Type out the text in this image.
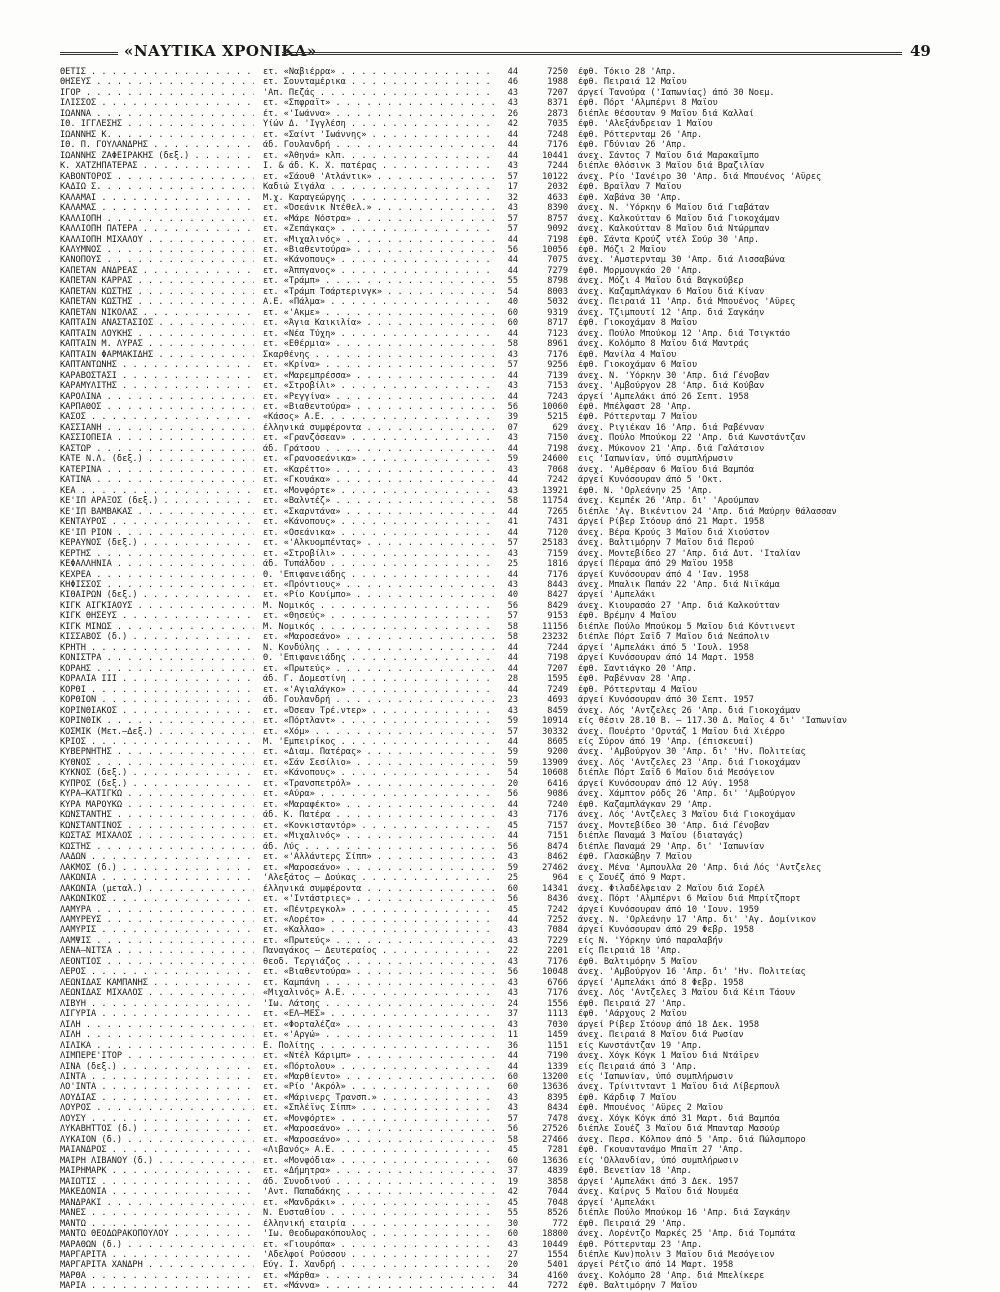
«ΝΑΥΤΙΚΑ ΧΡΟΝΙΚΑ»	49
ΘΕΤΙΣ . . .	ετ. «Ναβιέρρα» . . .	44	7250 έφθ. Τόκιο 28 'Απρ.
ΘΗΣΕΥΣ . . .	ετ. Σουνταμέρικα . . .	46	1988 έφθ. Πειραιά 12 Μαΐου
ΙΓΟΡ . . .	'Απ. Πεζάς . . .	43	7207 άργεί Τανούρα ('Ιαπωνίας) άπό 30 Νοεμ.
ΙΛΙΣΣΟΣ . . .	ετ. «Σπφραϊτ» . . .	43	8371 έφθ. Πόρτ 'Αλμπέρνι 8 Μαΐου
ΙΩΑΝΝΑ . . .	έτ. «'Ιωάννα» . . .	26	2873 διέπλε θέσουταν 9 Μαΐου διά Καλλαί
ΙΘ. ΙΓΓΛΕΣΗΣ . . .	Υίών Δ. 'Ιγγλέση . . .	42	7035 έφθ. 'Αλεξάνδρειαν 1 Μαΐου
ΙΩΑΝΝΗΣ Κ. . . .	ετ. «Σαίντ 'Ιωάννης» . . .	44	7248 έφθ. Ρόττερνταμ 26 'Απρ.
ΙΘ. Π. ΓΟΥΛΑΝΔΡΗΣ . . .	άδ. Γουλανδρή . . .	44	7176 έφθ. Γδύνιαν 26 'Απρ.
ΙΩΑΝΝΗΣ ΖΑΦΕΙΡΑΚΗΣ (δεξ.) . . .	ετ. «Άθηνά» κλπ. . . .	44	10441 άνεχ. Σάντος 7 Μαΐου διά Μαρακαΐμπο
Κ. ΧΑΤΖΗΠΑΤΕΡΑΣ . . .	Ι. & άδ. Κ. Χ. πατέρας . . .	43	7244 διέπλε θλόσινκ 3 Μαΐου διά Βραζιλίαν
ΚΑΒΟΝΤΟΡΟΣ . . .	ετ. «Σάουθ 'Ατλάντικ» . . .	57	10122 άνεχ. Ρίο 'Ιανέιρο 30 'Απρ. διά Μπουένος 'Αϋρες
ΚΑΔΙΩ Σ. . . .	Καδιώ Σιγάλα . . .	17	2032 έφθ. Βραΐλαν 7 Μαΐου
ΚΑΛΑΜΑΙ . . .	Μ.χ. Καραγεώργης . . .	32	4633 έφθ. Χαβάνα 30 'Απρ.
ΚΑΛΑΜΑΣ . . .	ετ. «Όσεάνικ Ντέθελ.» . . .	43	8390 άνεχ. Ν. 'Υόρκην 6 Μαΐου διά Γιαβάταν
ΚΑΛΛΙΟΠΗ . . .	ετ. «Μάρε Νόστρα» . . .	57	8757 άνεχ. Καλκούτταν 6 Μαΐου διά Γιοκοχάμαν
ΚΑΛΛΙΟΠΗ ΠΑΤΕΡΑ . . .	ετ. «Ζεπάγκας» . . .	57	9092 άνεχ. Καλκούτταν 8 Μαΐου διά Ντώρμπαν
ΚΑΛΛΙΟΠΗ ΜΙΧΑΛΟΥ . . .	ετ. «Μιχαλινός» . . .	44	7198 έφθ. Σάντα Κρούζ ντέλ Σούρ 30 'Απρ.
ΚΑΛΥΜΝΟΣ . . .	ετ. «Βιαθεντούρα» . . .	56	10056 έφθ. Μόζι 2 Μαΐου
ΚΑΝΟΠΟΥΣ . . .	ετ. «Κάνοπους» . . .	44	7075 άνεχ. 'Αμστερνταμ 30 'Απρ. διά Λισσαβώνα
ΚΑΠΕΤΑΝ ΑΝΔΡΕΑΣ . . .	ετ. «Άππγανος» . . .	44	7279 έφθ. Μορμουγκάο 20 'Απρ.
ΚΑΠΕΤΑΝ ΚΑΡΡΑΣ . . .	ετ. «Τράμπ» . . .	55	8798 άνεχ. Μόζι 4 Μαΐου διά Βαγκούβερ
ΚΑΠΕΤΑΝ ΚΩΣΤΗΣ . . .	ετ. «Τράμπ Τσάρτερινγκ» . . .	54	8003 άνεχ. Καζαμπλάγκαν 6 Μαΐου διά Κίναν
ΚΑΠΕΤΑΝ ΚΩΣΤΗΣ . . .	Α.Ε. «Πάλμα» . . .	40	5032 άνεχ. Πειραιά 11 'Απρ. διά Μπουένος 'Αϋρες
ΚΑΠΕΤΑΝ ΝΙΚΟΛΑΣ . . .	ετ. «'Ακμε» . . .	60	9319 άνεχ. Τζιμπουτί 12 'Απρ. διά Σαγκάην
ΚΑΠΤΑΙΝ ΑΝΑΣΤΑΣΙΟΣ . . .	ετ. «Άγια Καικιλία» . . .	60	8717 έφθ. Γιοκοχάμαν 8 Μαΐου
ΚΑΠΤΑΙΝ ΛΟΥΚΗΣ . . .	ετ. «Νέα Τύχη» . . .	44	7123 άνεχ. Πούλο Μπούκομ 12 'Απρ. διά Τσιγκτάο
ΚΑΠΤΑΙΝ Μ. ΛΥΡΑΣ . . .	ετ. «Εθέρμια» . . .	58	8961 άνεχ. Κολόμπο 8 Μαΐου διά Μαντράς
ΚΑΠΤΑΙΝ ΦΑΡΜΑΚΙΔΗΣ . . .	Σκαρθένης . . .	43	7176 έφθ. Μανίλα 4 Μαΐου
ΚΑΠΤΑΝΤΩΝΗΣ . . .	ετ. «Κρίνα» . . .	57	9256 έφθ. Γιοκοχάμαν 6 Μαΐου
ΚΑΡΑΒΟΣΤΑΣΙ . . .	ετ. «Μαρεμπρέσσα» . . .	44	7139 άνεχ. Ν. 'Υόρκην 30 'Απρ. διά Γένοβαν
ΚΑΡΑΜΥΛΙΤΗΣ . . .	ετ. «Στροβίλι» . . .	43	7153 άνεχ. 'Αμβούργον 28 'Απρ. διά Κούβαν
ΚΑΡΟΛΙΝΑ . . .	ετ. «Ρεγγίνα» . . .	44	7243 άργεί 'Αμπελάκι άπό 26 Σεπτ. 1958
ΚΑΡΠΑΘΟΣ . . .	ετ. «Βιαθεντούρα» . . .	56	10060 έφθ. Μπέλφαστ 28 'Απρ.
ΚΑΣΟΣ . . .	«Κάσος» Α.Ε. . . .	39	5215 έφθ. Ρόττερνταμ 7 Μαΐου
ΚΑΣΣΙΑΝΗ . . .	έλληνικά συμφέροντα . . .	07	629 άνεχ. Ριγιέκαν 16 'Απρ. διά Ραβένναν
ΚΑΣΣΙΟΠΕΙΑ . . .	ετ. «Γρανζόσεαν» . . .	43	7150 άνεχ. Πούλο Μπούκομ 22 'Απρ. διά Κωνστάντζαν
ΚΑΣΤΩΡ . . .	άδ. Γράτσου . . .	44	7198 άνεχ. Μύκονον 21 'Απρ. διά Γαλάτσιον
ΚΑΤΕ Ν.Λ. (δεξ.) . . .	ετ. «Γρανοσεάνικα» . . .	59	24600 εις 'Ιαπωνίαν, ύπό συμπλήρωσιν
ΚΑΤΕΡΙΝΑ . . .	ετ. «Καρέττο» . . .	43	7068 άνεχ. 'Αμθέρσαν 6 Μαΐου διά Βαμπόα
ΚΑΤΙΝΑ . . .	ετ. «Γκουάκα» . . .	44	7242 άργεί Κυνόσουραν άπό 5 'Οκτ.
ΚΕΑ . . .	ετ. «Μονφόρτε» . . .	43	13921 έφθ. Ν. 'Ορλεάνην 25 'Απρ.
ΚΕ'ΙΠ ΑΡΑΞΟΣ (δεξ.) . . .	ετ. «Βαλντέζ» . . .	58	11754 άνεχ. Κεμπέκ 26 'Απρ. δι' 'Αρούμπαν
ΚΕ'ΙΠ ΒΑΜΒΑΚΑΣ . . .	ετ. «Σκαρντάνα» . . .	44	7265 διέπλε 'Αγ. Βικέντιον 24 'Απρ. διά Μαύρην θάλασσαν
ΚΕΝΤΑΥΡΟΣ . . .	ετ. «Κάνοπους» . . .	41	7431 άργεί Ρίβερ Στόουρ άπό 21 Μαρτ. 1958
ΚΕ'ΙΠ ΡΙΟΝ . . .	ετ. «Οσεάνικα» . . .	44	7120 άνεχ. Βέρα Κρούς 3 Μαΐου διά Χιούστον
ΚΕΡΑΥΝΟΣ (δεξ.) . . .	ετ. «'Αλκυομπέντας» . . .	57	25183 άνεχ. Βαλτιμόρην 7 Μαΐου διά Περού
ΚΕΡΤΗΣ . . .	ετ. «Στροβίλι» . . .	43	7159 άνεχ. Μοντεβίδεο 27 'Απρ. διά Δυτ. 'Ιταλίαν
ΚΕΦΑΛΛΗΝΙΑ . . .	άδ. Τυπάλδου . . .	25	1816 άργεί Πέραμα άπό 29 Μαΐου 1958
ΚΕΧΡΕΑ . . .	Θ. 'Επιφανειάδης . . .	44	7176 άργεί Κυνόσουραν άπό 4 'Ιαν. 1958
ΚΗΦΙΣΣΟΣ . . .	ετ. «Πρόντιους» . . .	43	8443 άνεχ. Μπαλικ Παπάν 22 'Απρ. διά Νιϊκάμα
ΚΙΘΑΙΡΩΝ (δεξ.) . . .	ετ. «Ρίο Κουίμπο» . . .	40	8427 άργεί 'Αμπελάκι
ΚΙΓΚ ΑΙΓΚΙΑΟΥΣ . . .	Μ. Νομικός . . .	56	8429 άνεχ. Κιουρασάο 27 'Απρ. διά Καλκούτταν
ΚΙΓΚ ΘΗΣΕΥΣ . . .	ετ. «Θησεύς» . . .	57	9153 έφθ. Βρέμην 4 Μαΐου
ΚΙΓΚ ΜΙΝΩΣ . . .	Μ. Νομικός . . .	58	11156 διέπλε Πούλο Μπούκομ 5 Μαΐου διά Κόντινεντ
ΚΙΣΣΑΒΟΣ (δ.) . . .	ετ. «Μαροσεάνο» . . .	58	23232 διέπλε Πόρτ Σαΐδ 7 Μαΐου διά Νεάπολιν
ΚΡΗΤΗ . . .	Ν. Κονδύλης . . .	44	7244 άργεί 'Αμπελάκι άπό 5 'Ιουλ. 1958
ΚΟΝΙΣΤΡΑ . . .	Θ. 'Επιφανειάδης . . .	44	7198 άργεί Κυνόσουραν άπό 14 Μαρτ. 1958
ΚΟΡΑΗΣ . . .	ετ. «Πρωτεύς» . . .	44	7207 έφθ. Σαντιάγκο 20 'Απρ.
ΚΟΡΑΛΙΑ III . . .	άδ. Γ. Δομεστίνη . . .	28	1595 έφθ. Ραβένναν 28 'Απρ.
ΚΟΡΘΙ . . .	ετ. «'Αγιαλάγκο» . . .	44	7249 έφθ. Ρόττερνταμ 4 Μαΐου
ΚΟΡΘΙΟΝ . . .	άδ. Γουλανδρή . . .	23	4693 άργεί Κυνόσουραν άπό 30 Σεπτ. 1957
ΚΟΡΙΝΘΙΑΚΟΣ . . .	ετ. «Όσεαν Τρέ.ντερ» . . .	43	8459 άνεχ. Λός 'Αντζελες 26 'Απρ. διά Γιοκοχάμαν
ΚΟΡΙΝΘΙΚ . . .	ετ. «Πόρτλαντ» . . .	59	10914 είς θέσιν 28.10 Β. — 117.30 Δ. Μαΐος 4 δι' 'Ιαπωνίαν
ΚΟΣΜΙΚ (Μετ.—Δεξ.) . . .	ετ. «Χόμ» . . .	57	30332 άνεχ. Πουέρτο 'Ορντάζ 1 Μαΐου διά Χιέρρο
ΚΡΙΟΣ . . .	Μ. 'Εμπειρίκος . . .	44	8605 είς Σύρον άπό 19 'Απρ. (έπισκευαί)
ΚΥΒΕΡΝΗΤΗΣ . . .	ετ. «Διαμ. Πατέρας» . . .	59	9200 άνεχ. 'Αμβούργον 30 'Απρ. δι' 'Ην. Πολιτείας
ΚΥΘΝΟΣ . . .	ετ. «Σάν Σεσίλιο» . . .	59	13909 άνεχ. Λός 'Αντζελες 23 'Απρ. διά Γιοκοχάμαν
ΚΥΚΝΟΣ (δεξ.) . . .	ετ. «Κάνοπους» . . .	54	10608 διέπλε Πόρτ Σαΐδ 6 Μαΐου διά Μεσόγειον
ΚΥΠΡΟΣ (δεξ.) . . .	ετ. «Τρανσπετρόλ» . . .	20	6416 άργεί Κυνόσουραν άπό 12 Αύγ. 1958
ΚΥΡΑ—ΚΑΤΙΓΚΩ . . .	ετ. «Αύρα» . . .	56	9086 άνεχ. Χάμπτον ρόδς 26 'Απρ. δι' 'Αμβούργον
ΚΥΡΑ ΜΑΡΟΥΚΩ . . .	ετ. «Μαραφέκτο» . . .	44	7240 έφθ. Καζαμπλάγκαν 29 'Απρ.
ΚΩΝΣΤΑΝΤΗΣ . . .	άδ. Κ. Πατέρα . . .	43	7176 άνεχ. Λός 'Αντζελες 3 Μαΐου διά Γιοκοχάμαν
ΚΩΝΣΤΑΝΤΙΝΟΣ . . .	ετ. «Κονκισταντόρ» . . .	45	7157 άνεχ. Μοντεβίδεο 30 'Απρ. διά Γένοβαν
ΚΩΣΤΑΣ ΜΙΧΑΛΟΣ . . .	ετ. «Μιχαλινός» . . .	44	7151 διέπλε Παναμά 3 Μαΐου (διαταγάς)
ΚΩΣΤΗΣ . . .	άδ. Λύς . . .	56	8474 διέπλε Παναμά 29 'Απρ. δι' 'Ιαπωνίαν
ΛΑΔΩΝ . . .	ετ. «'Αλλάντερς Σίππ» . . .	43	8462 έφθ. Γλασκώβην 7 Μαΐου
ΛΑΚΜΟΣ (δ.) . . .	ετ. «Μαροσεάνο» . . .	59	27462 άνεχ. Μένα 'Αμπουλλα 20 'Απρ. διά Λός 'Αντζελες
ΛΑΚΩΝΙΑ . . .	'Αλεξάτος — Δούκας . . .	25	964 ε ς Σουέζ άπό 9 Μαρτ.
ΛΑΚΩΝΙΑ (μεταλ.) . . .	έλληνικά συμφέροντα . . .	60	14341 άνεχ. Φιλαδέλφειαν 2 Μαΐου διά Σορέλ
ΛΑΚΩΝΙΚΟΣ . . .	ετ. «'Ιντάστριες» . . .	56	8436 άνεχ. Πόρτ 'Αλμπέρνι 6 Μαΐου διά Μπρίτζπορτ
ΛΑΜΥΡΑ . . .	ετ. «Πέντρεγκολ» . . .	45	7242 άργεί Κυνόσουραν άπό 10 'Ιουν. 1959
ΛΑΜΥΡΕΥΣ . . .	ετ. «Λορέτο» . . .	44	7252 άνεχ. Ν. 'Ορλεάνην 17 'Απρ. δι' 'Αγ. Δομίνικον
ΛΑΜΥΡΙΣ . . .	ετ. «Καλλαο» . . .	43	7084 άργεί Κυνόσουραν άπό 29 Φεβρ. 1958
ΛΑΜΨΙΣ . . .	ετ. «Πρωτεύς» . . .	43	7229 είς Ν. 'Υόρκην ύπό παραλαβήν
ΛΕΝΑ—ΝΙΤΣΑ . . .	Παναγάκος — Δευτεραίος . . .	22	2201 είς Πειραιά 18 'Απρ.
ΛΕΟΝΤΙΟΣ . . .	θεοδ. Τεργιάζος . . .	43	7176 έφθ. Βαλτιμόρην 5 Μαΐου
ΛΕΡΟΣ . . .	ετ. «Βιαθεντούρα» . . .	56	10048 άνεχ. 'Αμβούργον 16 'Απρ. δι' 'Ην. Πολιτείας
ΛΕΩΝΙΔΑΣ ΚΑΜΠΑΝΗΣ . . .	ετ. Καμπάνη . . .	43	6766 άργεί 'Αμπελάκι άπό 8 Φεβρ. 1958
ΛΕΩΝΙΔΑΣ ΜΙΧΑΛΟΣ . . .	«Μιχαλινός» Α.Ε. . . .	43	7176 άνεχ. Λός 'Αντζελες 3 Μαΐου διά Κέιπ Τάουν
ΛΙΒΥΗ . . .	'Ιω. Λάτσης . . .	24	1556 έφθ. Πειραιά 27 'Απρ.
ΛΙΓΥΡΙΑ . . .	ετ. «ΕΛ—ΜΕΣ» . . .	37	1113 έφθ. 'Αάρχους 2 Μαΐου
ΛΙΛΗ . . .	ετ. «Φορταλέζα» . . .	43	7030 άργεί Ρίβερ Στόουρ άπό 18 Δεκ. 1958
ΛΙΛΗ . . .	ετ. «'Αργώ» . . .	11	1459 άνεχ. Πειραιά 8 Μαΐου διά Ρωσίαν
ΛΙΛΙΚΑ . . .	Ε. Πολίτης . . .	36	1151 είς Κωνστάντζαν 19 'Απρ.
ΛΙΜΠΕΡΕ'ΙΤΟΡ . . .	ετ. «Ντέλ Κάριμπ» . . .	44	7190 άνεχ. Χόγκ Κόγκ 1 Μαΐου διά Ντάϊρεν
ΛΙΝΑ (δεξ.) . . .	ετ. «Πόρτολου» . . .	44	1339 είς Πειραιά άπό 3 'Απρ.
ΛΙΝΤΑ . . .	ετ. «Μαρθίεντο» . . .	60	13200 είς 'Ιαπωνίαν, ύπό συμπλήρωσιν
ΛΟ'ΙΝΤΑ . . .	ετ. «Ρίο 'Ακρόλ» . . .	60	13636 άνεχ. Τρίνιτνταντ 1 Μαΐου διά Λίβερπουλ
ΛΟΥΔΙΑΣ . . .	ετ. «Μάρινερς Τρανσπ.» . . .	43	8395 έφθ. Κάρδιφ 7 Μαΐου
ΛΟΥΡΟΣ . . .	ετ. «Σπλέϊνς Σίππ» . . .	43	8434 έφθ. Μπουένος 'Αϋρες 2 Μαΐου
ΛΟΥΣΥ . . .	ετ. «Μονφόρτε» . . .	57	7478 άνεχ. Χόγκ Κόγκ άπό 31 Μαρτ. διά Βαμπόα
ΛΥΚΑΒΗΤΤΟΣ (δ.) . . .	ετ. «Μαροσεάνο» . . .	56	27526 διέπλε Σουέζ 3 Μαΐου διά Μπανταρ Μασούρ
ΛΥΚΑΙΟΝ (δ.) . . .	ετ. «Μαροσεάνο» . . .	58	27466 άνεχ. Περσ. Κόλπον άπό 5 'Απρ. διά Πώλσμπορο
ΜΑΙΑΝΔΡΟΣ . . .	«Λιβανός» Α.Ε. . . .	45	7281 έφθ. Γκουαντανάμο Μπαϊπ 27 'Απρ.
ΜΑΙΡΗ ΛΙΒΑΝΟΥ (δ.) . . .	ετ. «Μονφόδια» . . .	60	13636 είς 'Ολλανδίαν, ύπό συμπλήρωσιν
ΜΑΙΡΗΜΑΡΚ . . .	ετ. «Δήμητρα» . . .	37	4839 έφθ. Βενετίαν 18 'Απρ.
ΜΑΙΩΤΙΣ . . .	άδ. Συνοδινού . . .	19	3858 άργεί 'Αμπελάκι άπό 3 Δεκ. 1957
ΜΑΚΕΔΟΝΙΑ . . .	'Αντ. Παπαδάκης . . .	42	7044 άνεχ. Καίρνς 5 Μαΐου διά Νουμέα
ΜΑΝΔΡΑΚΙ . . .	ετ. «Μανδράκι» . . .	45	7048 άργεί 'Αμπελάκι
ΜΑΝΕΣ . . .	Ν. Ευσταθίου . . .	55	8526 διέπλε Πούλο Μπούκομ 16 'Απρ. διά Σαγκάην
ΜΑΝΤΩ . . .	έλληνική εταιρία . . .	30	772 έφθ. Πειραιά 29 'Απρ.
ΜΑΝΤΩ ΘΕΟΔΩΡΑΚΟΠΟΥΛΟΥ . . .	'Ιω. Θεοδωρακόπουλος . . .	60	18800 άνεχ. Λορέντζο Μαρκές 25 'Απρ. διά Τομπάτα
ΜΑΡΑΘΩΝ (δ.) . . .	ετ. «Γιουρόπα» . . .	43	10449 έφθ. Ρόττερνταμ 23 'Απρ.
ΜΑΡΓΑΡΙΤΑ . . .	'Αδελφοί Ρούσσου . . .	27	1554 διέπλε Κων)πολιν 3 Μαΐου διά Μεσόγειον
ΜΑΡΓΑΡΙΤΑ ΧΑΝΔΡΗ . . .	Εύγ. Ι. Χανδρή . . .	20	5401 άργεί Ρέτζιο άπό 14 Μαρτ. 1958
ΜΑΡΘΑ . . .	ετ. «Μάρθα» . . .	34	4160 άνεχ. Κολόμπο 28 'Απρ. διά Μπελίκερε
ΜΑΡΙΑ . . .	ετ. «Μάννα» . . .	44	7272 έφθ. Βαλτιμόρην 7 Μαΐου
